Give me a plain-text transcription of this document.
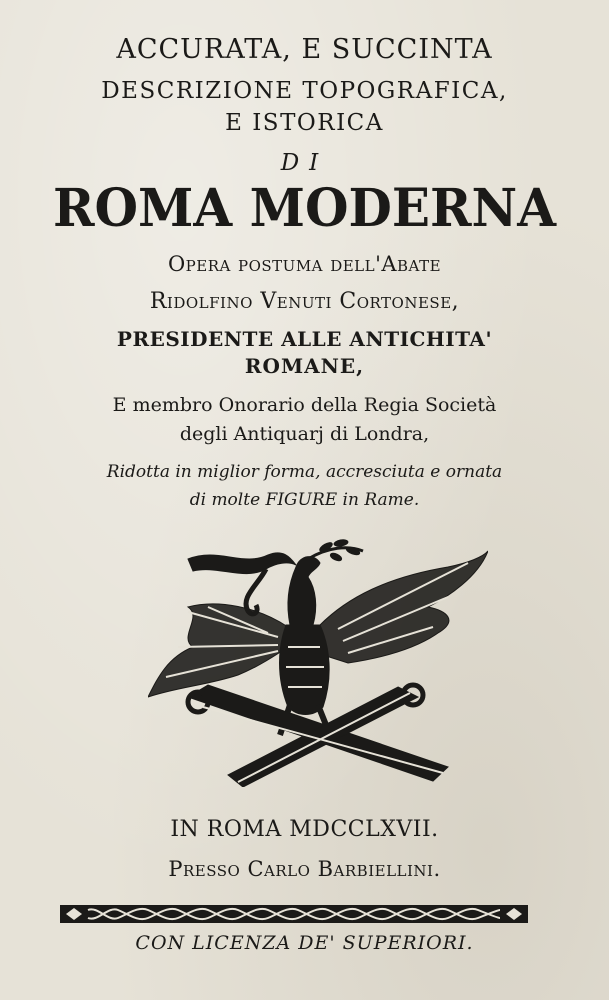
ACCURATA, E SUCCINTA
DESCRIZIONE TOPOGRAFICA,
E ISTORICA
DI
ROMA MODERNA
Opera postuma dell'Abate
Ridolfino Venuti Cortonese,
PRESIDENTE ALLE ANTICHITA'
ROMANE,
E membro Onorario della Regia Società
degli Antiquarj di Londra,
Ridotta in miglior forma, accresciuta e ornata
di molte FIGURE in Rame.
IN ROMA MDCCLXVII.
Presso Carlo Barbiellini.
CON LICENZA DE' SUPERIORI.
